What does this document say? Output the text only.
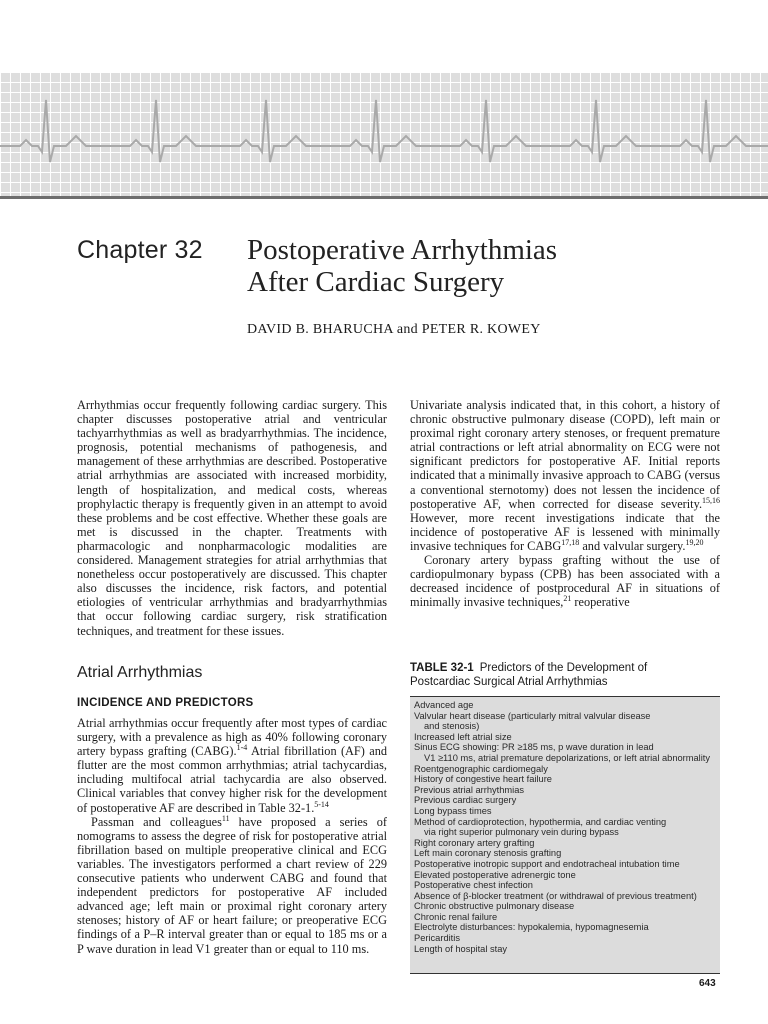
Chapter 32 Postoperative Arrhythmias
After Cardiac Surgery
DAVID B. BHARUCHA and PETER R. KOWEY

Arrhythmias occur frequently following cardiac surgery. This chapter discusses postoperative atrial and ventricular tachyarrhythmias as well as bradyarrhythmias. The incidence, prognosis, potential mechanisms of pathogenesis, and management of these arrhythmias are described. Postoperative atrial arrhythmias are associated with increased morbidity, length of hospitalization, and medical costs, whereas prophylactic therapy is frequently given in an attempt to avoid these problems and be cost effective. Whether these goals are met is discussed in the chapter. Treatments with pharmacologic and nonpharmacologic modalities are considered. Management strategies for atrial arrhythmias that nonetheless occur postoperatively are discussed. This chapter also discusses the incidence, risk factors, and potential etiologies of ventricular arrhythmias and bradyarrhythmias that occur following cardiac surgery, risk stratification techniques, and treatment for these issues.

Univariate analysis indicated that, in this cohort, a history of chronic obstructive pulmonary disease (COPD), left main or proximal right coronary artery stenoses, or frequent premature atrial contractions or left atrial abnormality on ECG were not significant predictors for postoperative AF. Initial reports indicated that a minimally invasive approach to CABG (versus a conventional sternotomy) does not lessen the incidence of postoperative AF, when corrected for disease severity.$^{15,16}$ However, more recent investigations indicate that the incidence of postoperative AF is lessened with minimally invasive techniques for CABG$^{17,18}$ and valvular surgery.$^{19,20}$

Coronary artery bypass grafting without the use of cardiopulmonary bypass (CPB) has been associated with a decreased incidence of postprocedural AF in situations of minimally invasive techniques,$^{21}$ reoperative

Atrial Arrhythmias
INCIDENCE AND PREDICTORS

Atrial arrhythmias occur frequently after most types of cardiac surgery, with a prevalence as high as 40% following coronary artery bypass grafting (CABG).$^{1-4}$ Atrial fibrillation (AF) and flutter are the most common arrhythmias; atrial tachycardias, including multifocal atrial tachycardia are also observed. Clinical variables that convey higher risk for the development of postoperative AF are described in Table 32-1.$^{5-14}$

Passman and colleagues$^{11}$ have proposed a series of nomograms to assess the degree of risk for postoperative atrial fibrillation based on multiple preoperative clinical and ECG variables. The investigators performed a chart review of 229 consecutive patients who underwent CABG and found that independent predictors for postoperative AF included advanced age; left main or proximal right coronary artery stenoses; history of AF or heart failure; or preoperative ECG findings of a P–R interval greater than or equal to 185 ms or a P wave duration in lead V1 greater than or equal to 110 ms.

TABLE 32-1 Predictors of the Development of Postcardiac Surgical Atrial Arrhythmias
Advanced age
Valvular heart disease (particularly mitral valvular disease
and stenosis)
Increased left atrial size
Sinus ECG showing: PR ≥185 ms, p wave duration in lead
V1 ≥110 ms, atrial premature depolarizations, or left atrial abnormality
Roentgenographic cardiomegaly
History of congestive heart failure
Previous atrial arrhythmias
Previous cardiac surgery
Long bypass times
Method of cardioprotection, hypothermia, and cardiac venting
via right superior pulmonary vein during bypass
Right coronary artery grafting
Left main coronary stenosis grafting
Postoperative inotropic support and endotracheal intubation time
Elevated postoperative adrenergic tone
Postoperative chest infection
Absence of β-blocker treatment (or withdrawal of previous treatment)
Chronic obstructive pulmonary disease
Chronic renal failure
Electrolyte disturbances: hypokalemia, hypomagnesemia
Pericarditis
Length of hospital stay
643
